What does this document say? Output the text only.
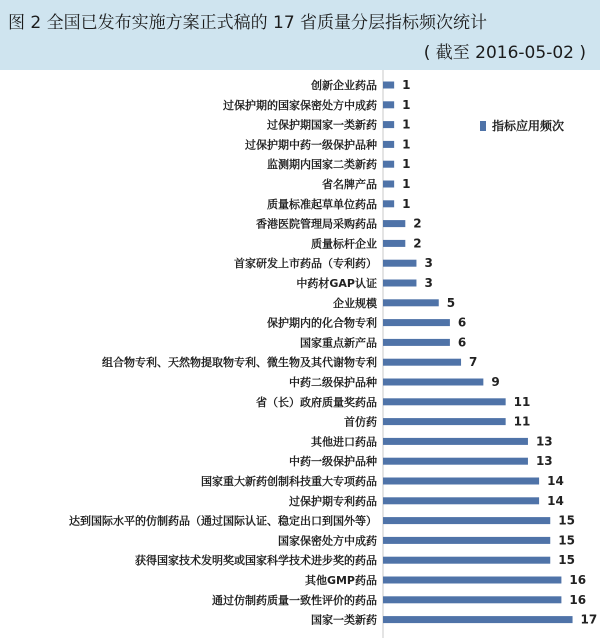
图 2 全国已发布实施方案正式稿的 17 省质量分层指标频次统计
( 截至 2016-05-02 )
指标应用频次
创新企业药品 1
过保护期的国家保密处方中成药 1
过保护期国家一类新药 1
过保护期中药一级保护品种 1
监测期内国家二类新药 1
省名牌产品 1
质量标准起草单位药品 1
香港医院管理局采购药品	2
质量标杆企业	2
首家研发上市药品（专利药）	3
中药材GAP认证	3
企业规模	5
保护期内的化合物专利	6
国家重点新产品	6
组合物专利、天然物提取物专利、微生物及其代谢物专利	7
中药二级保护品种	9
省（长）政府质量奖药品	11
首仿药	11
其他进口药品	13
中药一级保护品种	13
国家重大新药创制科技重大专项药品	14
过保护期专利药品	14
达到国际水平的仿制药品（通过国际认证、稳定出口到国外等）	15
国家保密处方中成药	15
获得国家技术发明奖或国家科学技术进步奖的药品	15
其他GMP药品	16
通过仿制药质量一致性评价的药品	16
国家一类新药	17
